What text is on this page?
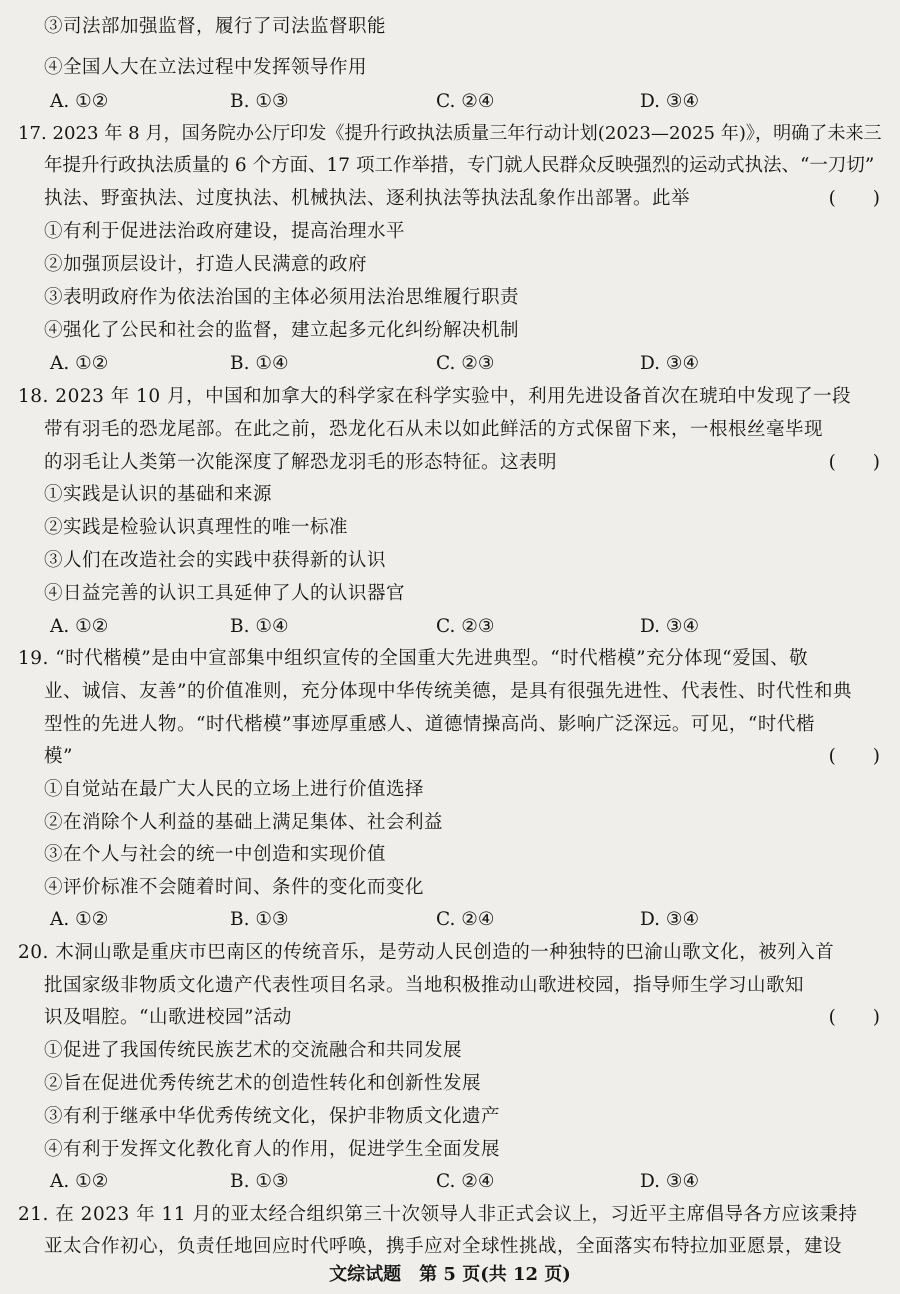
③司法部加强监督，履行了司法监督职能
④全国人大在立法过程中发挥领导作用
A. ①②	B. ①③	C. ②④	D. ③④
17. 2023 年 8 月，国务院办公厅印发《提升行政执法质量三年行动计划(2023—2025 年)》，明确了未来三
年提升行政执法质量的 6 个方面、17 项工作举措，专门就人民群众反映强烈的运动式执法、“一刀切”
执法、野蛮执法、过度执法、机械执法、逐利执法等执法乱象作出部署。此举	(　　)
①有利于促进法治政府建设，提高治理水平
②加强顶层设计，打造人民满意的政府
③表明政府作为依法治国的主体必须用法治思维履行职责
④强化了公民和社会的监督，建立起多元化纠纷解决机制
A. ①②	B. ①④	C. ②③	D. ③④
18. 2023 年 10 月，中国和加拿大的科学家在科学实验中，利用先进设备首次在琥珀中发现了一段
带有羽毛的恐龙尾部。在此之前，恐龙化石从未以如此鲜活的方式保留下来，一根根丝毫毕现
的羽毛让人类第一次能深度了解恐龙羽毛的形态特征。这表明	(　　)
①实践是认识的基础和来源
②实践是检验认识真理性的唯一标准
③人们在改造社会的实践中获得新的认识
④日益完善的认识工具延伸了人的认识器官
A. ①②	B. ①④	C. ②③	D. ③④
19. “时代楷模”是由中宣部集中组织宣传的全国重大先进典型。“时代楷模”充分体现“爱国、敬
业、诚信、友善”的价值准则，充分体现中华传统美德，是具有很强先进性、代表性、时代性和典
型性的先进人物。“时代楷模”事迹厚重感人、道德情操高尚、影响广泛深远。可见，“时代楷
模”	(　　)
①自觉站在最广大人民的立场上进行价值选择
②在消除个人利益的基础上满足集体、社会利益
③在个人与社会的统一中创造和实现价值
④评价标准不会随着时间、条件的变化而变化
A. ①②	B. ①③	C. ②④	D. ③④
20. 木洞山歌是重庆市巴南区的传统音乐，是劳动人民创造的一种独特的巴渝山歌文化，被列入首
批国家级非物质文化遗产代表性项目名录。当地积极推动山歌进校园，指导师生学习山歌知
识及唱腔。“山歌进校园”活动	(　　)
①促进了我国传统民族艺术的交流融合和共同发展
②旨在促进优秀传统艺术的创造性转化和创新性发展
③有利于继承中华优秀传统文化，保护非物质文化遗产
④有利于发挥文化教化育人的作用，促进学生全面发展
A. ①②	B. ①③	C. ②④	D. ③④
21. 在 2023 年 11 月的亚太经合组织第三十次领导人非正式会议上，习近平主席倡导各方应该秉持
亚太合作初心，负责任地回应时代呼唤，携手应对全球性挑战，全面落实布特拉加亚愿景，建设
文综试题　第 5 页(共 12 页)
